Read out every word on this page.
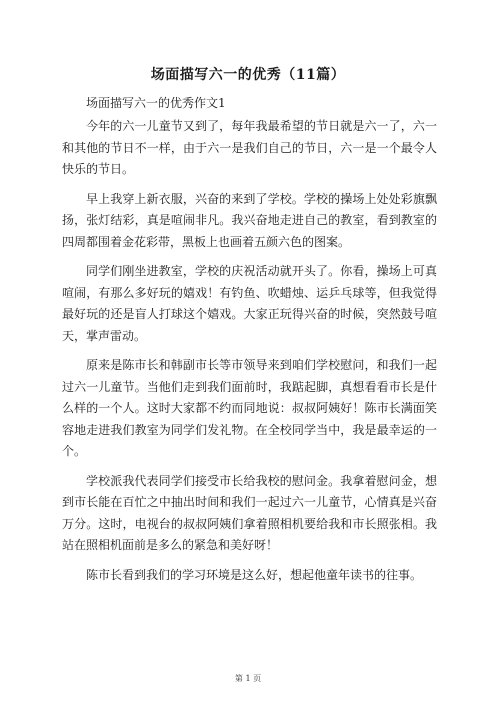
场面描写六一的优秀（11篇）
场面描写六一的优秀作文1

今年的六一儿童节又到了，每年我最希望的节日就是六一了，六一和其他的节日不一样，由于六一是我们自己的节日，六一是一个最令人快乐的节日。

早上我穿上新衣服，兴奋的来到了学校。学校的操场上处处彩旗飘扬，张灯结彩，真是喧闹非凡。我兴奋地走进自己的教室，看到教室的四周都围着金花彩带，黑板上也画着五颜六色的图案。

同学们刚坐进教室，学校的庆祝活动就开头了。你看，操场上可真喧闹，有那么多好玩的嬉戏！有钓鱼、吹蜡烛、运乒乓球等，但我觉得最好玩的还是盲人打球这个嬉戏。大家正玩得兴奋的时候，突然鼓号喧天，掌声雷动。

原来是陈市长和韩副市长等市领导来到咱们学校慰问，和我们一起过六一儿童节。当他们走到我们面前时，我踮起脚，真想看看市长是什么样的一个人。这时大家都不约而同地说：叔叔阿姨好！陈市长满面笑容地走进我们教室为同学们发礼物。在全校同学当中，我是最幸运的一个。

学校派我代表同学们接受市长给我校的慰问金。我拿着慰问金，想到市长能在百忙之中抽出时间和我们一起过六一儿童节，心情真是兴奋万分。这时，电视台的叔叔阿姨们拿着照相机要给我和市长照张相。我站在照相机面前是多么的紧急和美好呀！

陈市长看到我们的学习环境是这么好，想起他童年读书的往事。

第 1 页
